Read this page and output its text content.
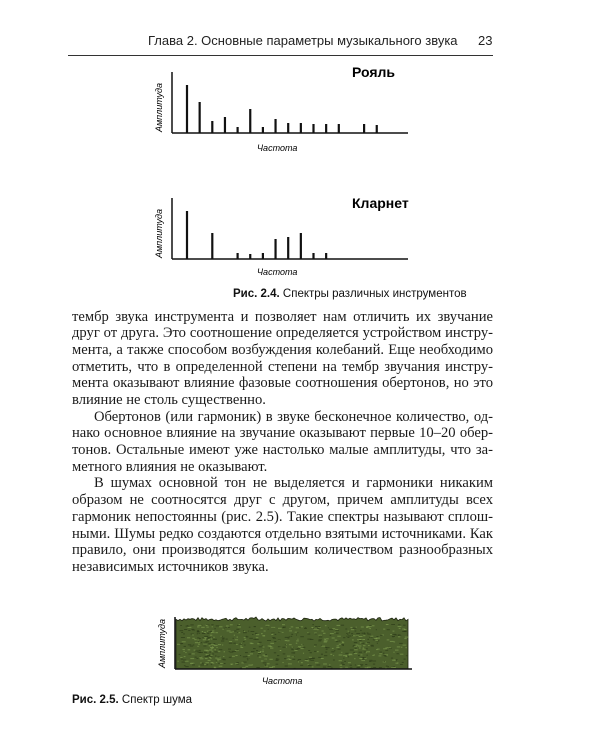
Глава 2. Основные параметры музыкального звука 23
Рояль
Амплитуда
Частота
Кларнет
Амплитуда
Частота
Амплитуда
Частота
Рис. 2.4. Спектры различных инструментов
тембр звука инструмента и позволяет нам отличить их звучание
друг от друга. Это соотношение определяется устройством инстру-
мента, а также способом возбуждения колебаний. Еще необходимо
отметить, что в определенной степени на тембр звучания инстру-
мента оказывают влияние фазовые соотношения обертонов, но это
влияние не столь существенно.
Обертонов (или гармоник) в звуке бесконечное количество, од-
нако основное влияние на звучание оказывают первые 10–20 обер-
тонов. Остальные имеют уже настолько малые амплитуды, что за-
метного влияния не оказывают.
В шумах основной тон не выделяется и гармоники никаким
образом не соотносятся друг с другом, причем амплитуды всех
гармоник непостоянны (рис. 2.5). Такие спектры называют сплош-
ными. Шумы редко создаются отдельно взятыми источниками. Как
правило, они производятся большим количеством разнообразных
независимых источников звука.
Рис. 2.5. Спектр шума
